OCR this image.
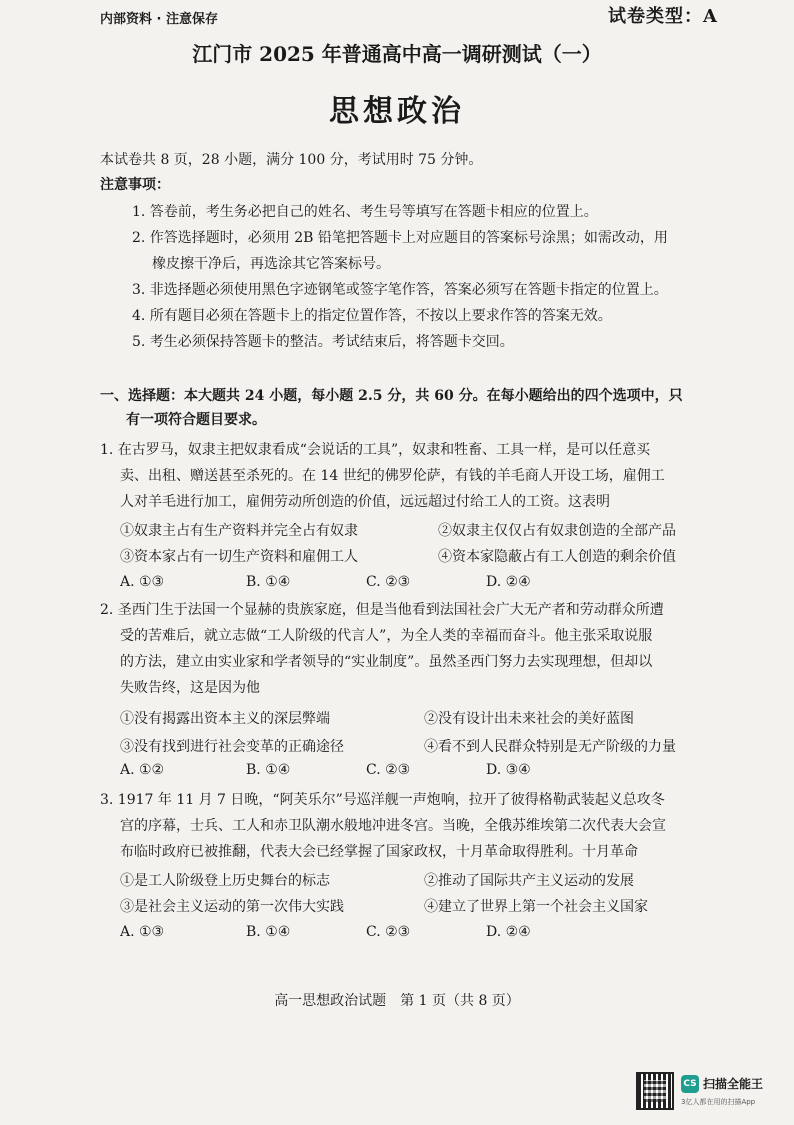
内部资料 · 注意保存	试卷类型：A
江门市 2025 年普通高中高一调研测试（一）
思想政治
本试卷共 8 页，28 小题，满分 100 分，考试用时 75 分钟。
注意事项：
1. 答卷前，考生务必把自己的姓名、考生号等填写在答题卡相应的位置上。
2. 作答选择题时，必须用 2B 铅笔把答题卡上对应题目的答案标号涂黑；如需改动，用
橡皮擦干净后，再选涂其它答案标号。
3. 非选择题必须使用黑色字迹钢笔或签字笔作答，答案必须写在答题卡指定的位置上。
4. 所有题目必须在答题卡上的指定位置作答，不按以上要求作答的答案无效。
5. 考生必须保持答题卡的整洁。考试结束后，将答题卡交回。
一、选择题：本大题共 24 小题，每小题 2.5 分，共 60 分。在每小题给出的四个选项中，只
有一项符合题目要求。
1. 在古罗马，奴隶主把奴隶看成“会说话的工具”，奴隶和牲畜、工具一样，是可以任意买
卖、出租、赠送甚至杀死的。在 14 世纪的佛罗伦萨，有钱的羊毛商人开设工场，雇佣工
人对羊毛进行加工，雇佣劳动所创造的价值，远远超过付给工人的工资。这表明
①奴隶主占有生产资料并完全占有奴隶	②奴隶主仅仅占有奴隶创造的全部产品
③资本家占有一切生产资料和雇佣工人	④资本家隐蔽占有工人创造的剩余价值
A. ①③	B. ①④	C. ②③	D. ②④
2. 圣西门生于法国一个显赫的贵族家庭，但是当他看到法国社会广大无产者和劳动群众所遭
受的苦难后，就立志做“工人阶级的代言人”，为全人类的幸福而奋斗。他主张采取说服
的方法，建立由实业家和学者领导的“实业制度”。虽然圣西门努力去实现理想，但却以
失败告终，这是因为他
①没有揭露出资本主义的深层弊端	②没有设计出未来社会的美好蓝图
③没有找到进行社会变革的正确途径	④看不到人民群众特别是无产阶级的力量
A. ①②	B. ①④	C. ②③	D. ③④
3. 1917 年 11 月 7 日晚，“阿芙乐尔”号巡洋舰一声炮响，拉开了彼得格勒武装起义总攻冬
宫的序幕，士兵、工人和赤卫队潮水般地冲进冬宫。当晚，全俄苏维埃第二次代表大会宣
布临时政府已被推翻，代表大会已经掌握了国家政权，十月革命取得胜利。十月革命
①是工人阶级登上历史舞台的标志	②推动了国际共产主义运动的发展
③是社会主义运动的第一次伟大实践	④建立了世界上第一个社会主义国家
A. ①③	B. ①④	C. ②③	D. ②④
高一思想政治试题　第 1 页（共 8 页）
CS 扫描全能王
3亿人都在用的扫描App
